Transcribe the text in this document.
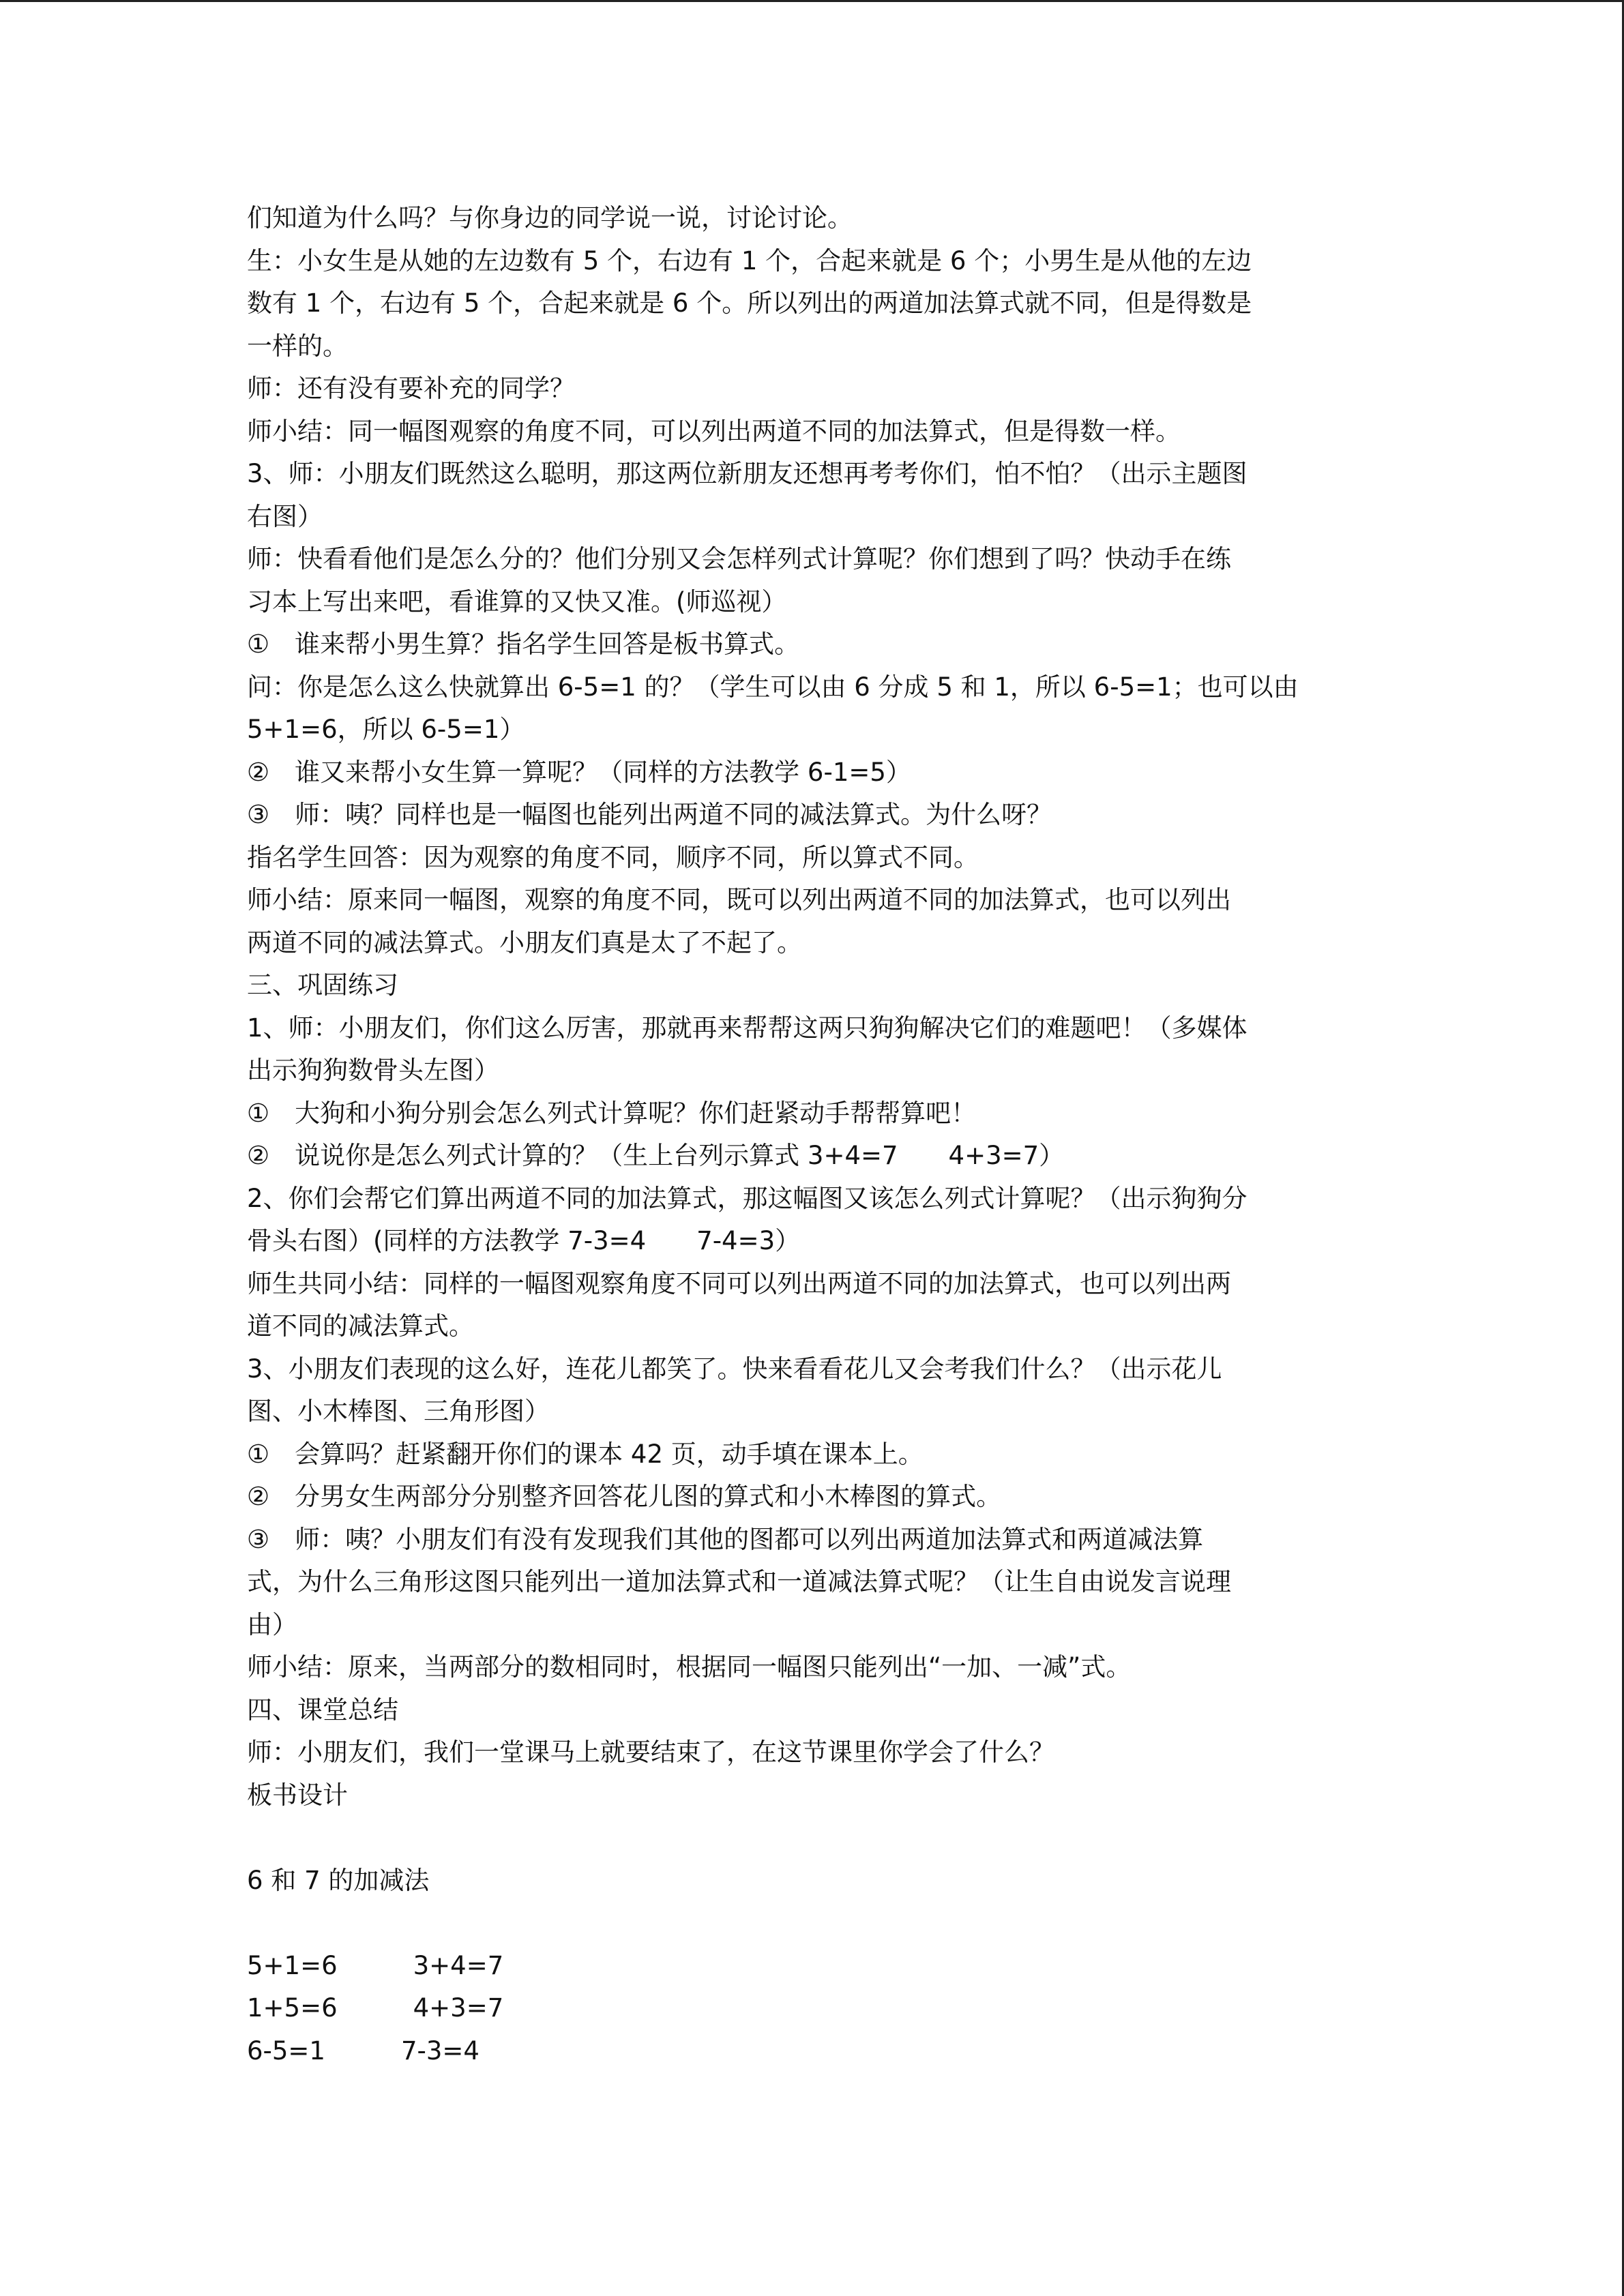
们知道为什么吗？与你身边的同学说一说，讨论讨论。

生：小女生是从她的左边数有 5 个，右边有 1 个，合起来就是 6 个；小男生是从他的左边

数有 1 个，右边有 5 个，合起来就是 6 个。所以列出的两道加法算式就不同，但是得数是

一样的。

师：还有没有要补充的同学？

师小结：同一幅图观察的角度不同，可以列出两道不同的加法算式，但是得数一样。

3、师：小朋友们既然这么聪明，那这两位新朋友还想再考考你们，怕不怕？（出示主题图

右图）

师：快看看他们是怎么分的？他们分别又会怎样列式计算呢？你们想到了吗？快动手在练

习本上写出来吧，看谁算的又快又准。(师巡视）

①　谁来帮小男生算？指名学生回答是板书算式。

问：你是怎么这么快就算出 6-5=1 的？（学生可以由 6 分成 5 和 1，所以 6-5=1；也可以由

5+1=6，所以 6-5=1）

②　谁又来帮小女生算一算呢？（同样的方法教学 6-1=5）

③　师：咦？同样也是一幅图也能列出两道不同的减法算式。为什么呀？

指名学生回答：因为观察的角度不同，顺序不同，所以算式不同。

师小结：原来同一幅图，观察的角度不同，既可以列出两道不同的加法算式，也可以列出

两道不同的减法算式。小朋友们真是太了不起了。

三、巩固练习

1、师：小朋友们，你们这么厉害，那就再来帮帮这两只狗狗解决它们的难题吧！（多媒体

出示狗狗数骨头左图）

①　大狗和小狗分别会怎么列式计算呢？你们赶紧动手帮帮算吧！

②　说说你是怎么列式计算的？（生上台列示算式 3+4=7　　4+3=7）

2、你们会帮它们算出两道不同的加法算式，那这幅图又该怎么列式计算呢？（出示狗狗分

骨头右图）(同样的方法教学 7-3=4　　7-4=3）

师生共同小结：同样的一幅图观察角度不同可以列出两道不同的加法算式，也可以列出两

道不同的减法算式。

3、小朋友们表现的这么好，连花儿都笑了。快来看看花儿又会考我们什么？（出示花儿

图、小木棒图、三角形图）

①　会算吗？赶紧翻开你们的课本 42 页，动手填在课本上。

②　分男女生两部分分别整齐回答花儿图的算式和小木棒图的算式。

③　师：咦？小朋友们有没有发现我们其他的图都可以列出两道加法算式和两道减法算

式，为什么三角形这图只能列出一道加法算式和一道减法算式呢？（让生自由说发言说理

由）

师小结：原来，当两部分的数相同时，根据同一幅图只能列出“一加、一减”式。

四、课堂总结

师：小朋友们，我们一堂课马上就要结束了，在这节课里你学会了什么？

板书设计

6 和 7 的加减法

5+1=6　　　3+4=7

1+5=6　　　4+3=7

6-5=1　　　7-3=4
